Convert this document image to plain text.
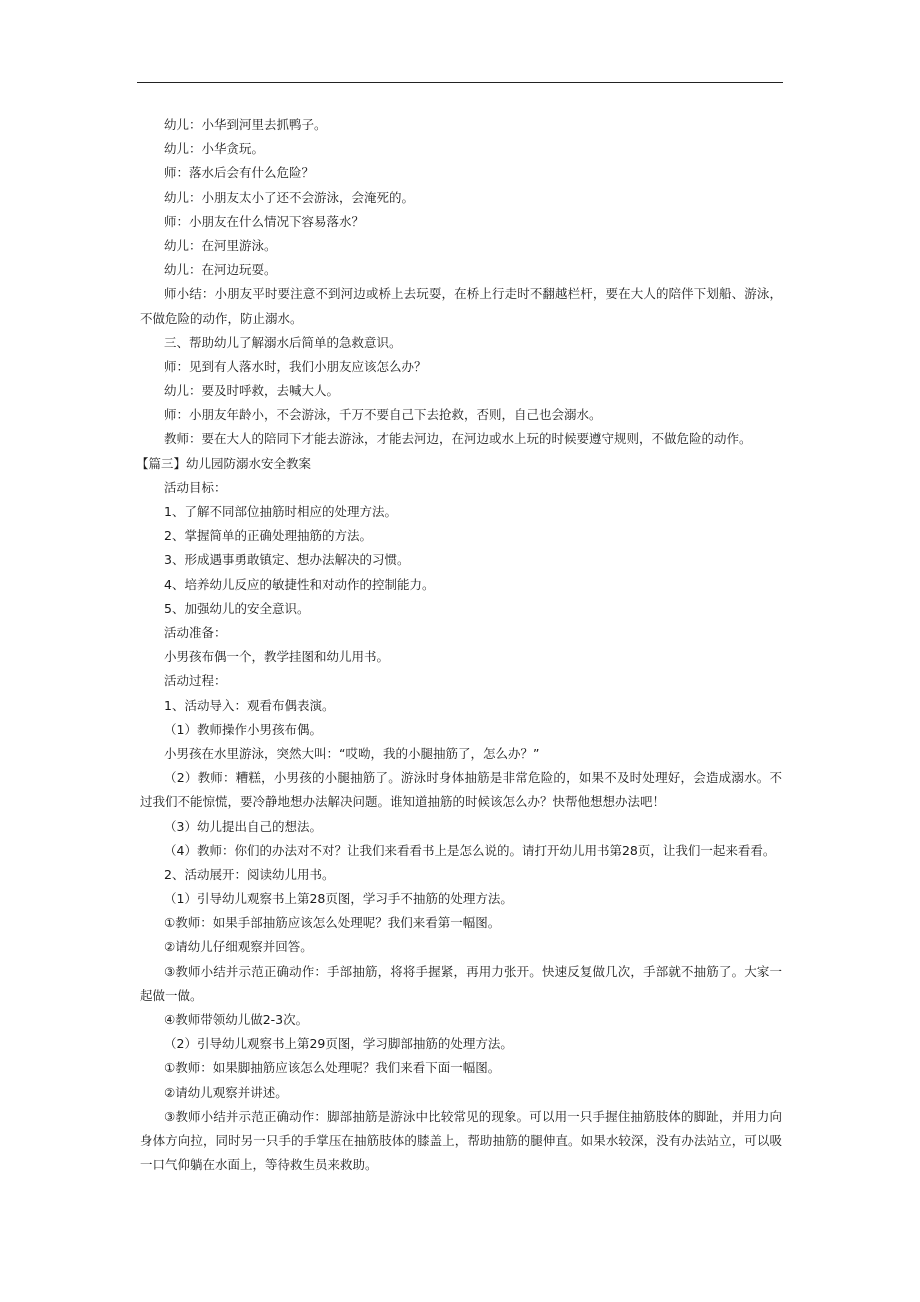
幼儿：小华到河里去抓鸭子。
幼儿：小华贪玩。
师：落水后会有什么危险？
幼儿：小朋友太小了还不会游泳，会淹死的。
师：小朋友在什么情况下容易落水？
幼儿：在河里游泳。
幼儿：在河边玩耍。
师小结：小朋友平时要注意不到河边或桥上去玩耍，在桥上行走时不翻越栏杆，要在大人的陪伴下划船、游泳，不做危险的动作，防止溺水。
三、帮助幼儿了解溺水后简单的急救意识。
师：见到有人落水时，我们小朋友应该怎么办？
幼儿：要及时呼救，去喊大人。
师：小朋友年龄小，不会游泳，千万不要自己下去抢救，否则，自己也会溺水。
教师：要在大人的陪同下才能去游泳，才能去河边，在河边或水上玩的时候要遵守规则，不做危险的动作。
【篇三】幼儿园防溺水安全教案
活动目标：
1、了解不同部位抽筋时相应的处理方法。
2、掌握简单的正确处理抽筋的方法。
3、形成遇事勇敢镇定、想办法解决的习惯。
4、培养幼儿反应的敏捷性和对动作的控制能力。
5、加强幼儿的安全意识。
活动准备：
小男孩布偶一个，教学挂图和幼儿用书。
活动过程：
1、活动导入：观看布偶表演。
（1）教师操作小男孩布偶。
小男孩在水里游泳，突然大叫：“哎呦，我的小腿抽筋了，怎么办？”
（2）教师：糟糕，小男孩的小腿抽筋了。游泳时身体抽筋是非常危险的，如果不及时处理好，会造成溺水。不过我们不能惊慌，要冷静地想办法解决问题。谁知道抽筋的时候该怎么办？快帮他想想办法吧！
（3）幼儿提出自己的想法。
（4）教师：你们的办法对不对？让我们来看看书上是怎么说的。请打开幼儿用书第28页，让我们一起来看看。
2、活动展开：阅读幼儿用书。
（1）引导幼儿观察书上第28页图，学习手不抽筋的处理方法。
①教师：如果手部抽筋应该怎么处理呢？我们来看第一幅图。
②请幼儿仔细观察并回答。
③教师小结并示范正确动作：手部抽筋，将将手握紧，再用力张开。快速反复做几次，手部就不抽筋了。大家一起做一做。
④教师带领幼儿做2-3次。
（2）引导幼儿观察书上第29页图，学习脚部抽筋的处理方法。
①教师：如果脚抽筋应该怎么处理呢？我们来看下面一幅图。
②请幼儿观察并讲述。
③教师小结并示范正确动作：脚部抽筋是游泳中比较常见的现象。可以用一只手握住抽筋肢体的脚趾，并用力向身体方向拉，同时另一只手的手掌压在抽筋肢体的膝盖上，帮助抽筋的腿伸直。如果水较深，没有办法站立，可以吸一口气仰躺在水面上，等待救生员来救助。
